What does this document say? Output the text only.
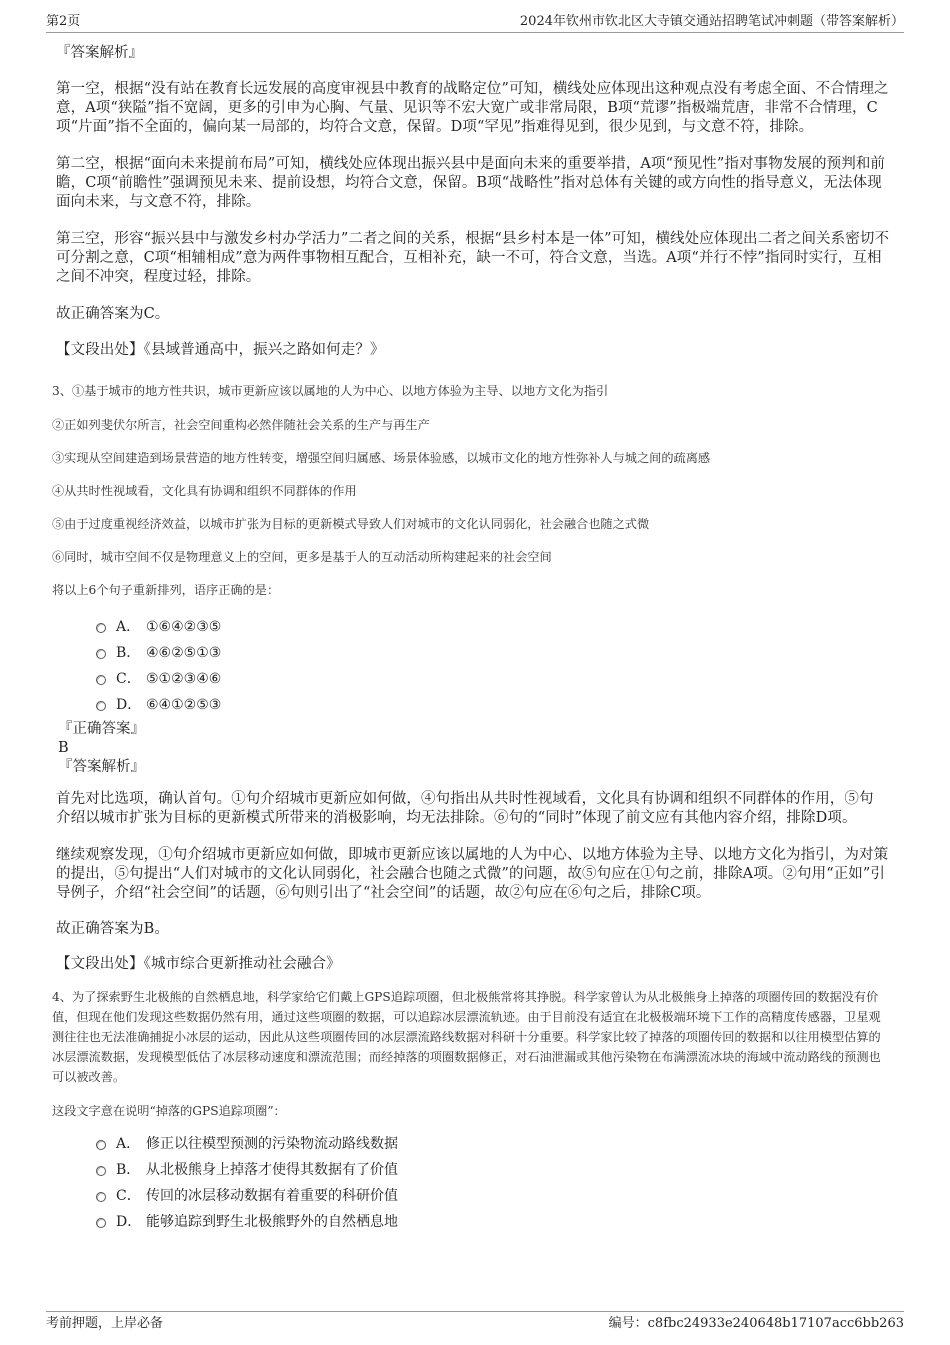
第2页	2024年钦州市钦北区大寺镇交通站招聘笔试冲刺题（带答案解析）

『答案解析』

第一空，根据“没有站在教育长远发展的高度审视县中教育的战略定位”可知，横线处应体现出这种观点没有考虑全面、不合情理之意，A项“狭隘”指不宽阔，更多的引申为心胸、气量、见识等不宏大宽广或非常局限，B项“荒谬”指极端荒唐，非常不合情理，C项“片面”指不全面的，偏向某一局部的，均符合文意，保留。D项“罕见”指难得见到，很少见到，与文意不符，排除。

第二空，根据“面向未来提前布局”可知，横线处应体现出振兴县中是面向未来的重要举措，A项“预见性”指对事物发展的预判和前瞻，C项“前瞻性”强调预见未来、提前设想，均符合文意，保留。B项“战略性”指对总体有关键的或方向性的指导意义，无法体现面向未来，与文意不符，排除。

第三空，形容“振兴县中与激发乡村办学活力”二者之间的关系，根据“县乡村本是一体”可知，横线处应体现出二者之间关系密切不可分割之意，C项“相辅相成”意为两件事物相互配合，互相补充，缺一不可，符合文意，当选。A项“并行不悖”指同时实行，互相之间不冲突，程度过轻，排除。

故正确答案为C。

【文段出处】《县域普通高中，振兴之路如何走？》

3、①基于城市的地方性共识，城市更新应该以属地的人为中心、以地方体验为主导、以地方文化为指引

②正如列斐伏尔所言，社会空间重构必然伴随社会关系的生产与再生产

③实现从空间建造到场景营造的地方性转变，增强空间归属感、场景体验感，以城市文化的地方性弥补人与城之间的疏离感

④从共时性视域看，文化具有协调和组织不同群体的作用

⑤由于过度重视经济效益，以城市扩张为目标的更新模式导致人们对城市的文化认同弱化，社会融合也随之式微

⑥同时，城市空间不仅是物理意义上的空间，更多是基于人的互动活动所构建起来的社会空间

将以上6个句子重新排列，语序正确的是：

A． ①⑥④②③⑤
B． ④⑥②⑤①③
C． ⑤①②③④⑥
D． ⑥④①②⑤③

『正确答案』

B

『答案解析』

首先对比选项，确认首句。①句介绍城市更新应如何做，④句指出从共时性视域看，文化具有协调和组织不同群体的作用，⑤句介绍以城市扩张为目标的更新模式所带来的消极影响，均无法排除。⑥句的“同时”体现了前文应有其他内容介绍，排除D项。

继续观察发现，①句介绍城市更新应如何做，即城市更新应该以属地的人为中心、以地方体验为主导、以地方文化为指引，为对策的提出，⑤句提出“人们对城市的文化认同弱化，社会融合也随之式微”的问题，故⑤句应在①句之前，排除A项。②句用“正如”引导例子，介绍“社会空间”的话题，⑥句则引出了“社会空间”的话题，故②句应在⑥句之后，排除C项。

故正确答案为B。

【文段出处】《城市综合更新推动社会融合》

4、为了探索野生北极熊的自然栖息地，科学家给它们戴上GPS追踪项圈，但北极熊常将其挣脱。科学家曾认为从北极熊身上掉落的项圈传回的数据没有价值，但现在他们发现这些数据仍然有用，通过这些项圈的数据，可以追踪冰层漂流轨迹。由于目前没有适宜在北极极端环境下工作的高精度传感器，卫星观测往往也无法准确捕捉小冰层的运动，因此从这些项圈传回的冰层漂流路线数据对科研十分重要。科学家比较了掉落的项圈传回的数据和以往用模型估算的冰层漂流数据，发现模型低估了冰层移动速度和漂流范围；而经掉落的项圈数据修正，对石油泄漏或其他污染物在布满漂流冰块的海域中流动路线的预测也可以被改善。

这段文字意在说明“掉落的GPS追踪项圈”：

A． 修正以往模型预测的污染物流动路线数据
B． 从北极熊身上掉落才使得其数据有了价值
C． 传回的冰层移动数据有着重要的科研价值
D． 能够追踪到野生北极熊野外的自然栖息地
考前押题，上岸必备	编号：c8fbc24933e240648b17107acc6bb263
